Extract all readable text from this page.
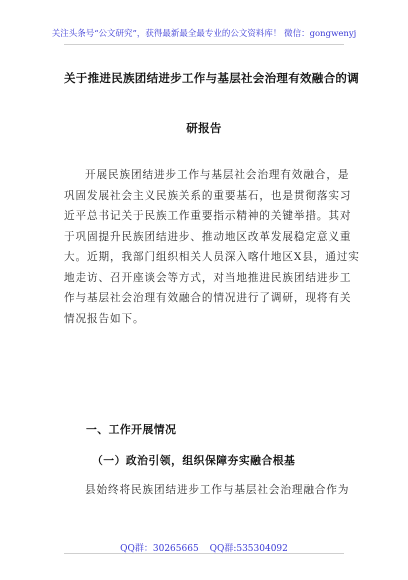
关注头条号“公文研究”，获得最新最全最专业的公文资料库！ 微信：gongwenyj
关于推进民族团结进步工作与基层社会治理有效融合的调
研报告
开展民族团结进步工作与基层社会治理有效融合，是
巩固发展社会主义民族关系的重要基石，也是贯彻落实习
近平总书记关于民族工作重要指示精神的关键举措。其对
于巩固提升民族团结进步、推动地区改革发展稳定意义重
大。近期，我部门组织相关人员深入喀什地区X县，通过实
地走访、召开座谈会等方式，对当地推进民族团结进步工
作与基层社会治理有效融合的情况进行了调研，现将有关
情况报告如下。
一、工作开展情况
（一）政治引领，组织保障夯实融合根基
县始终将民族团结进步工作与基层社会治理融合作为
QQ群：30265665 QQ群:535304092
